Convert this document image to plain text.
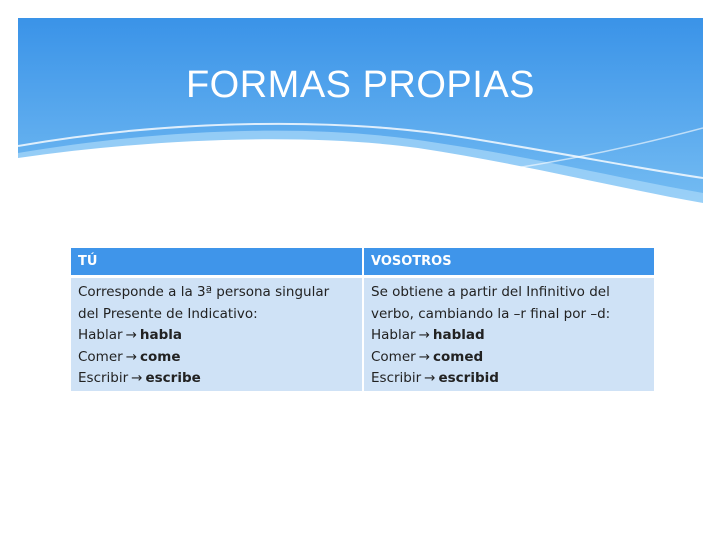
FORMAS PROPIAS
TÚ	VOSOTROS
Corresponde a la 3ª persona singular
del Presente de Indicativo:
Hablar → habla
Comer → come
Escribir → escribe
Se obtiene a partir del Infinitivo del
verbo, cambiando la –r final por –d:
Hablar → hablad
Comer → comed
Escribir → escribid
